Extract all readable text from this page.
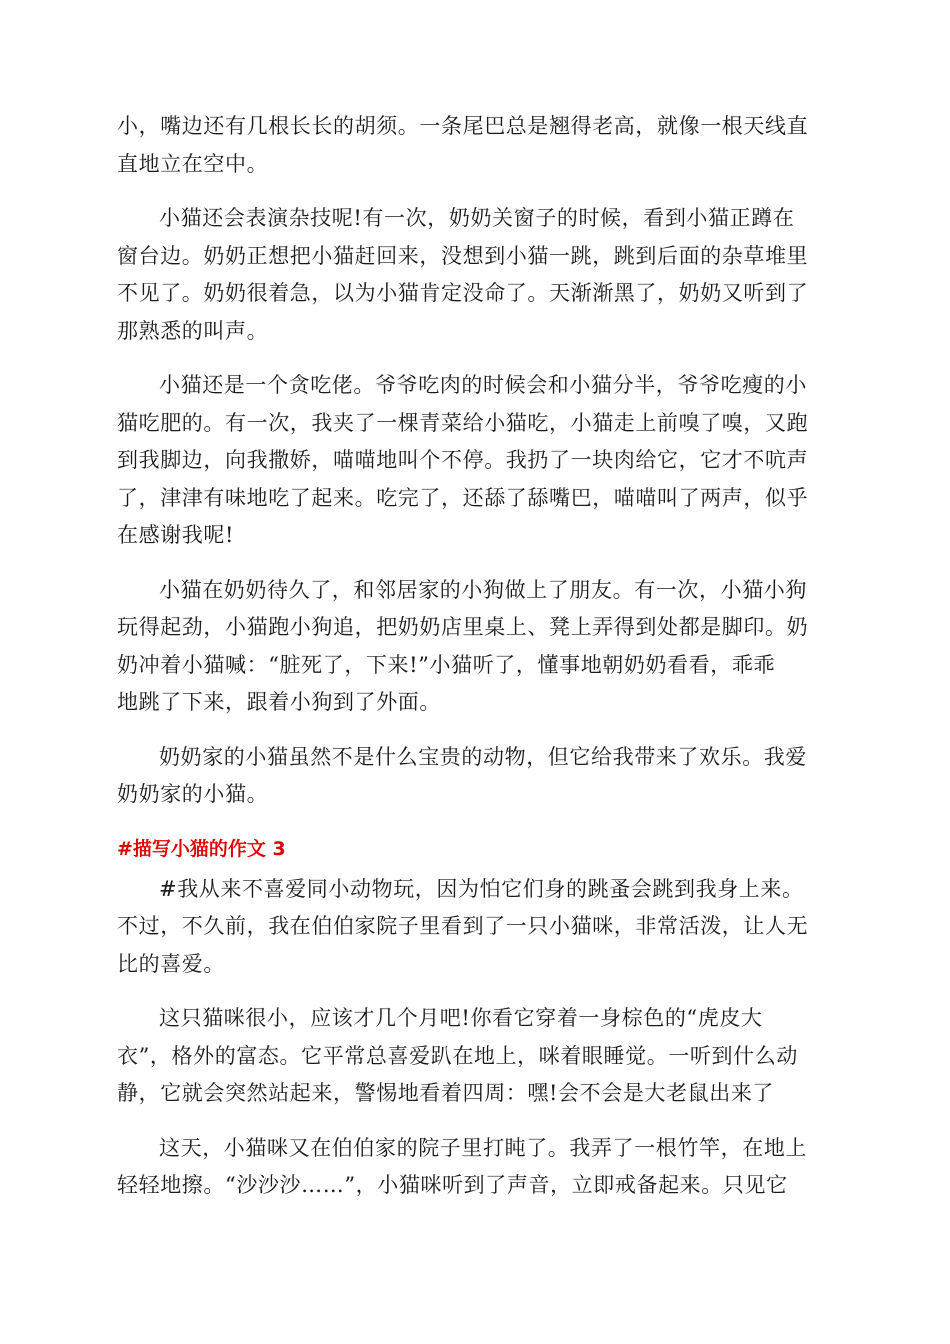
小，嘴边还有几根长长的胡须。一条尾巴总是翘得老高，就像一根天线直
直地立在空中。

小猫还会表演杂技呢!有一次，奶奶关窗子的时候，看到小猫正蹲在
窗台边。奶奶正想把小猫赶回来，没想到小猫一跳，跳到后面的杂草堆里
不见了。奶奶很着急，以为小猫肯定没命了。天渐渐黑了，奶奶又听到了
那熟悉的叫声。

小猫还是一个贪吃佬。爷爷吃肉的时候会和小猫分半，爷爷吃瘦的小
猫吃肥的。有一次，我夹了一棵青菜给小猫吃，小猫走上前嗅了嗅，又跑
到我脚边，向我撒娇，喵喵地叫个不停。我扔了一块肉给它，它才不吭声
了，津津有味地吃了起来。吃完了，还舔了舔嘴巴，喵喵叫了两声，似乎
在感谢我呢!

小猫在奶奶待久了，和邻居家的小狗做上了朋友。有一次，小猫小狗
玩得起劲，小猫跑小狗追，把奶奶店里桌上、凳上弄得到处都是脚印。奶
奶冲着小猫喊：“脏死了，下来!”小猫听了，懂事地朝奶奶看看，乖乖
地跳了下来，跟着小狗到了外面。

奶奶家的小猫虽然不是什么宝贵的动物，但它给我带来了欢乐。我爱
奶奶家的小猫。

#描写小猫的作文 3

#我从来不喜爱同小动物玩，因为怕它们身的跳蚤会跳到我身上来。
不过，不久前，我在伯伯家院子里看到了一只小猫咪，非常活泼，让人无
比的喜爱。

这只猫咪很小，应该才几个月吧!你看它穿着一身棕色的“虎皮大
衣”，格外的富态。它平常总喜爱趴在地上，咪着眼睡觉。一听到什么动
静，它就会突然站起来，警惕地看着四周：嘿!会不会是大老鼠出来了

这天，小猫咪又在伯伯家的院子里打盹了。我弄了一根竹竿，在地上
轻轻地擦。“沙沙沙……”，小猫咪听到了声音，立即戒备起来。只见它
